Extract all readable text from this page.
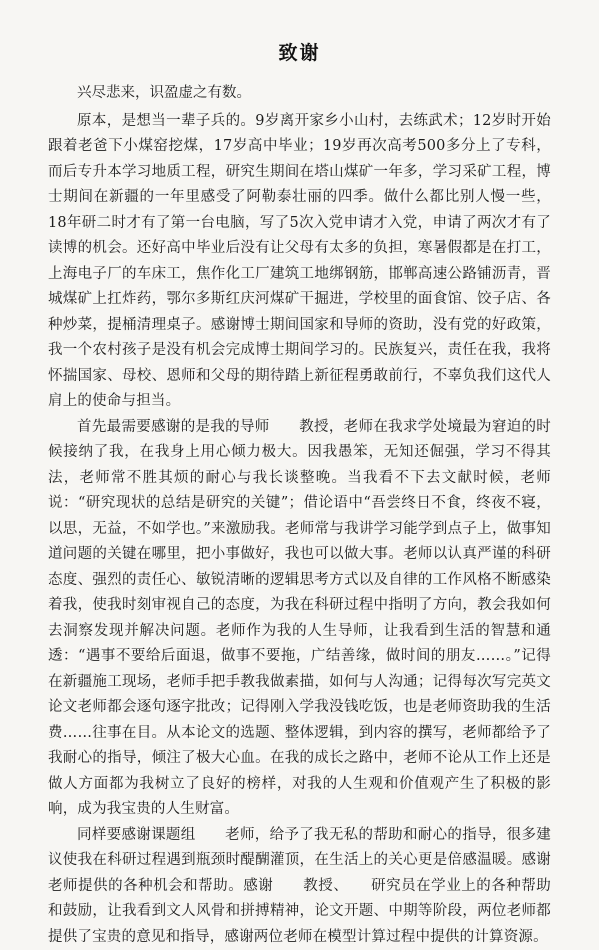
致谢

兴尽悲来，识盈虚之有数。

原本，是想当一辈子兵的。9岁离开家乡小山村，去练武术；12岁时开始跟着老爸下小煤窑挖煤，17岁高中毕业；19岁再次高考500多分上了专科，而后专升本学习地质工程，研究生期间在塔山煤矿一年多，学习采矿工程，博士期间在新疆的一年里感受了阿勒泰壮丽的四季。做什么都比别人慢一些，18年研二时才有了第一台电脑，写了5次入党申请才入党，申请了两次才有了读博的机会。还好高中毕业后没有让父母有太多的负担，寒暑假都是在打工，上海电子厂的车床工，焦作化工厂建筑工地绑钢筋，邯郸高速公路铺沥青，晋城煤矿上扛炸药，鄂尔多斯红庆河煤矿干掘进，学校里的面食馆、饺子店、各种炒菜，提桶清理桌子。感谢博士期间国家和导师的资助，没有党的好政策，我一个农村孩子是没有机会完成博士期间学习的。民族复兴，责任在我，我将怀揣国家、母校、恩师和父母的期待踏上新征程勇敢前行，不辜负我们这代人肩上的使命与担当。

首先最需要感谢的是我的导师　　教授，老师在我求学处境最为窘迫的时候接纳了我，在我身上用心倾力极大。因我愚笨，无知还倔强，学习不得其法，老师常不胜其烦的耐心与我长谈整晚。当我看不下去文献时候，老师说：“研究现状的总结是研究的关键”；借论语中“吾尝终日不食，终夜不寝，以思，无益，不如学也。”来激励我。老师常与我讲学习能学到点子上，做事知道问题的关键在哪里，把小事做好，我也可以做大事。老师以认真严谨的科研态度、强烈的责任心、敏锐清晰的逻辑思考方式以及自律的工作风格不断感染着我，使我时刻审视自己的态度，为我在科研过程中指明了方向，教会我如何去洞察发现并解决问题。老师作为我的人生导师，让我看到生活的智慧和通透：“遇事不要给后面退，做事不要拖，广结善缘，做时间的朋友……。”记得在新疆施工现场，老师手把手教我做素描，如何与人沟通；记得每次写完英文论文老师都会逐句逐字批改；记得刚入学我没钱吃饭，也是老师资助我的生活费……往事在目。从本论文的选题、整体逻辑，到内容的撰写，老师都给予了我耐心的指导，倾注了极大心血。在我的成长之路中，老师不论从工作上还是做人方面都为我树立了良好的榜样，对我的人生观和价值观产生了积极的影响，成为我宝贵的人生财富。

同样要感谢课题组　　老师，给予了我无私的帮助和耐心的指导，很多建议使我在科研过程遇到瓶颈时醍醐灌顶，在生活上的关心更是倍感温暖。感谢　　老师提供的各种机会和帮助。感谢　　教授、　　研究员在学业上的各种帮助和鼓励，让我看到文人风骨和拼搏精神，论文开题、中期等阶段，两位老师都提供了宝贵的意见和指导，感谢两位老师在模型计算过程中提供的计算资源。
